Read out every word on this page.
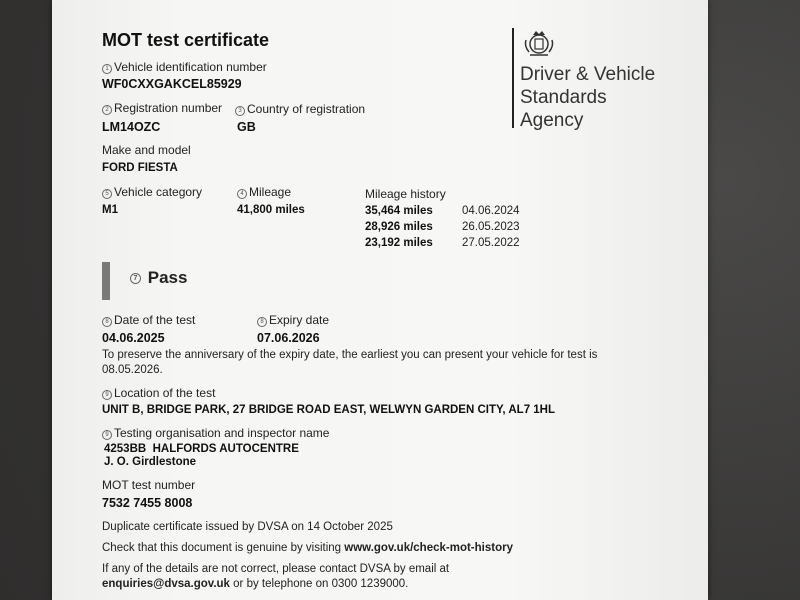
MOT test certificate
1 Vehicle identification number
WF0CXXGAKCEL85929
2 Registration number
LM14OZC
3 Country of registration
GB
Make and model
FORD FIESTA
5 Vehicle category
M1
4 Mileage
41,800 miles
Mileage history
35,464 miles	04.06.2024
28,926 miles	26.05.2023
23,192 miles	27.05.2022
Driver & Vehicle
Standards
Agency
7 Pass
8 Date of the test
04.06.2025
8 Expiry date
07.06.2026
To preserve the anniversary of the expiry date, the earliest you can present your vehicle for test is
08.05.2026.
9 Location of the test
UNIT B, BRIDGE PARK, 27 BRIDGE ROAD EAST, WELWYN GARDEN CITY, AL7 1HL
9 Testing organisation and inspector name
4253BB  HALFORDS AUTOCENTRE
J. O. Girdlestone
MOT test number
7532 7455 8008
Duplicate certificate issued by DVSA on 14 October 2025
Check that this document is genuine by visiting www.gov.uk/check-mot-history
If any of the details are not correct, please contact DVSA by email at
enquiries@dvsa.gov.uk or by telephone on 0300 1239000.
